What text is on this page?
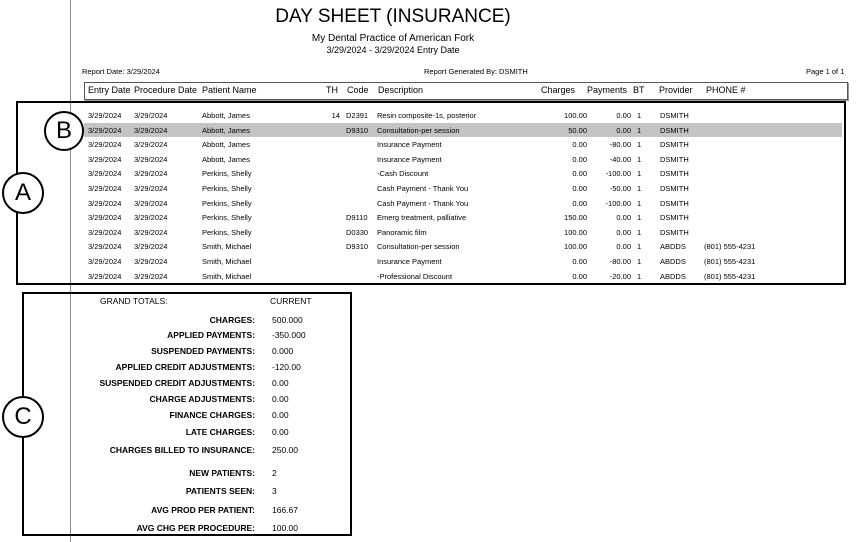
DAY SHEET (INSURANCE)
My Dental Practice of American Fork
3/29/2024 - 3/29/2024 Entry Date
Report Date: 3/29/2024	Report Generated By: DSMITH	Page 1 of 1
Entry Date Procedure Date Patient Name	TH Code Description	Charges Payments BT Provider PHONE #
3/29/2024 3/29/2024	Abbott, James	14 D2391 Resin composite-1s, posterior	100.00	0.00 1	DSMITH
3/29/2024 3/29/2024	Abbott, James	D9310 Consultation-per session	50.00	0.00 1	DSMITH
3/29/2024 3/29/2024	Abbott, James	Insurance Payment	0.00	-80.00 1	DSMITH
3/29/2024 3/29/2024	Abbott, James	Insurance Payment	0.00	-40.00 1	DSMITH
3/29/2024 3/29/2024	Perkins, Shelly	-Cash Discount	0.00	-100.00 1	DSMITH
3/29/2024 3/29/2024	Perkins, Shelly	Cash Payment - Thank You	0.00	-50.00 1	DSMITH
3/29/2024 3/29/2024	Perkins, Shelly	Cash Payment - Thank You	0.00	-100.00 1	DSMITH
3/29/2024 3/29/2024	Perkins, Shelly	D9110 Emerg treatment, palliative	150.00	0.00 1	DSMITH
3/29/2024 3/29/2024	Perkins, Shelly	D0330 Panoramic film	100.00	0.00 1	DSMITH
3/29/2024 3/29/2024	Smith, Michael	D9310 Consultation-per session	100.00	0.00 1	ABDDS (801) 555-4231
3/29/2024 3/29/2024	Smith, Michael	Insurance Payment	0.00	-80.00 1	ABDDS (801) 555-4231
3/29/2024 3/29/2024	Smith, Michael	-Professional Discount	0.00	-20.00 1	ABDDS (801) 555-4231
A
B
C
GRAND TOTALS:	CURRENT
CHARGES: 500.000
APPLIED PAYMENTS: -350.000
SUSPENDED PAYMENTS: 0.000
APPLIED CREDIT ADJUSTMENTS: -120.00
SUSPENDED CREDIT ADJUSTMENTS: 0.00
CHARGE ADJUSTMENTS: 0.00
FINANCE CHARGES: 0.00
LATE CHARGES: 0.00
CHARGES BILLED TO INSURANCE: 250.00
NEW PATIENTS: 2
PATIENTS SEEN: 3
AVG PROD PER PATIENT: 166.67
AVG CHG PER PROCEDURE: 100.00
